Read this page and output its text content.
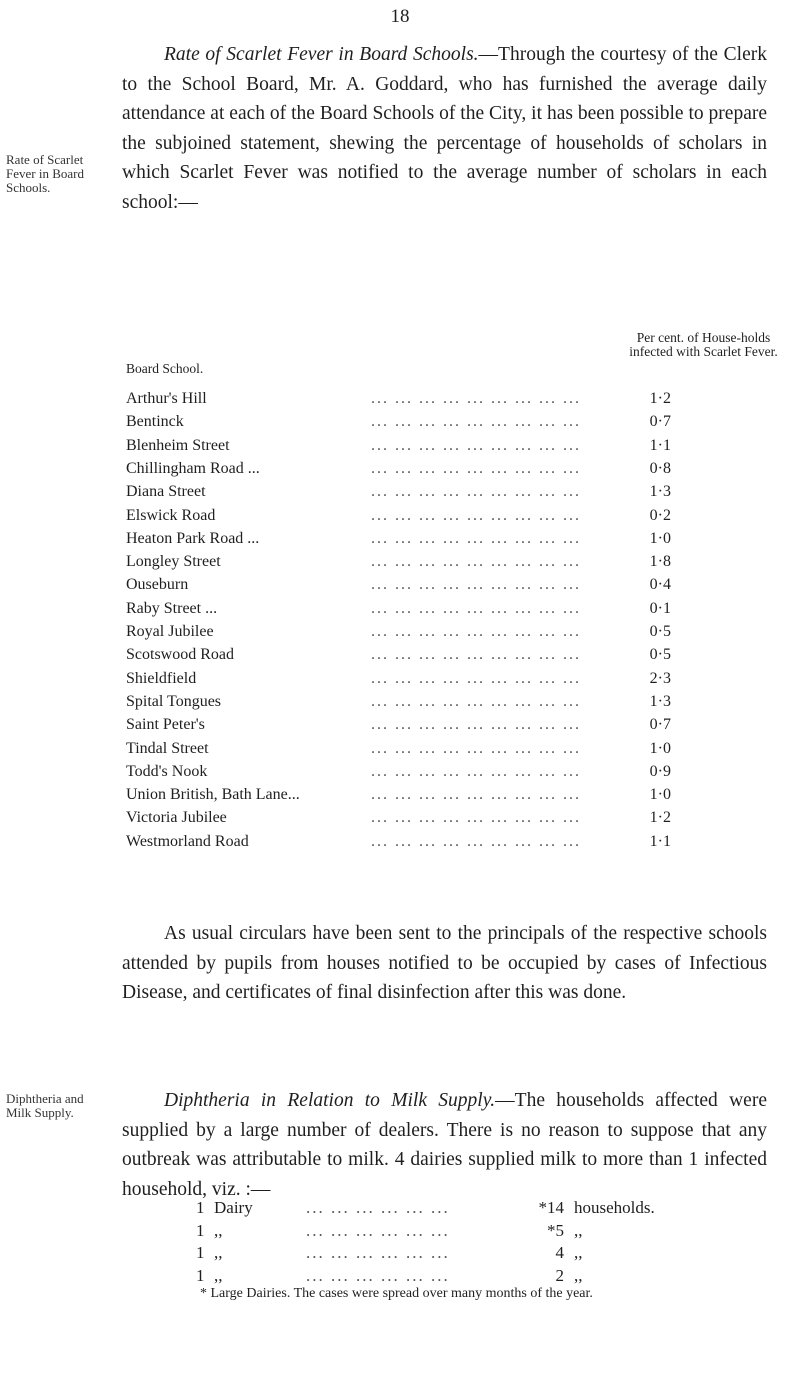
18
Rate of Scarlet Fever in Board Schools.

Rate of Scarlet Fever in Board Schools.—Through the courtesy of the Clerk to the School Board, Mr. A. Goddard, who has furnished the average daily attendance at each of the Board Schools of the City, it has been possible to prepare the subjoined statement, shewing the percentage of households of scholars in which Scarlet Fever was notified to the average number of scholars in each school:—

Board School.
Per cent. of House-holds infected with Scarlet Fever.
Arthur's Hill	... ... ... ... ... ... ... ... ...	1·2
Bentinck	... ... ... ... ... ... ... ... ...	0·7
Blenheim Street	... ... ... ... ... ... ... ... ...	1·1
Chillingham Road ...	... ... ... ... ... ... ... ... ...	0·8
Diana Street	... ... ... ... ... ... ... ... ...	1·3
Elswick Road	... ... ... ... ... ... ... ... ...	0·2
Heaton Park Road ...	... ... ... ... ... ... ... ... ...	1·0
Longley Street	... ... ... ... ... ... ... ... ...	1·8
Ouseburn	... ... ... ... ... ... ... ... ...	0·4
Raby Street ...	... ... ... ... ... ... ... ... ...	0·1
Royal Jubilee	... ... ... ... ... ... ... ... ...	0·5
Scotswood Road	... ... ... ... ... ... ... ... ...	0·5
Shieldfield	... ... ... ... ... ... ... ... ...	2·3
Spital Tongues	... ... ... ... ... ... ... ... ...	1·3
Saint Peter's	... ... ... ... ... ... ... ... ...	0·7
Tindal Street	... ... ... ... ... ... ... ... ...	1·0
Todd's Nook	... ... ... ... ... ... ... ... ...	0·9
Union British, Bath Lane...	... ... ... ... ... ... ... ... ...	1·0
Victoria Jubilee	... ... ... ... ... ... ... ... ...	1·2
Westmorland Road	... ... ... ... ... ... ... ... ...	1·1
Diphtheria and Milk Supply.

As usual circulars have been sent to the principals of the respective schools attended by pupils from houses notified to be occupied by cases of Infectious Disease, and certificates of final disinfection after this was done.

Diphtheria in Relation to Milk Supply.—The households affected were supplied by a large number of dealers. There is no reason to suppose that any outbreak was attributable to milk. 4 dairies supplied milk to more than 1 infected household, viz. :—

1 Dairy	... ... ... ... ... ...	*14 households.
1 ,,	... ... ... ... ... ...	*5 ,,
1 ,,	... ... ... ... ... ...	4 ,,
1 ,,	... ... ... ... ... ...	2 ,,
* Large Dairies. The cases were spread over many months of the year.
